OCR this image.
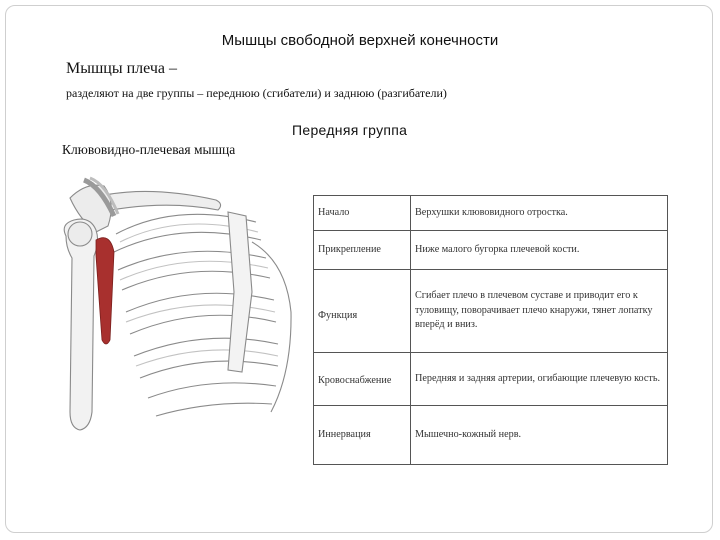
Мышцы свободной верхней конечности
Мышцы плеча –
разделяют на две группы – переднюю (сгибатели) и заднюю (разгибатели)
Передняя группа
Клювовидно-плечевая мышца
Начало	Верхушки клювовидного отростка.
Прикрепление	Ниже малого бугорка плечевой кости.
Функция	Сгибает плечо в плечевом суставе и приводит его к туловищу, поворачивает плечо кнаружи, тянет лопатку вперёд и вниз.
Кровоснабжение	Передняя и задняя артерии, огибающие плечевую кость.
Иннервация	Мышечно-кожный нерв.
